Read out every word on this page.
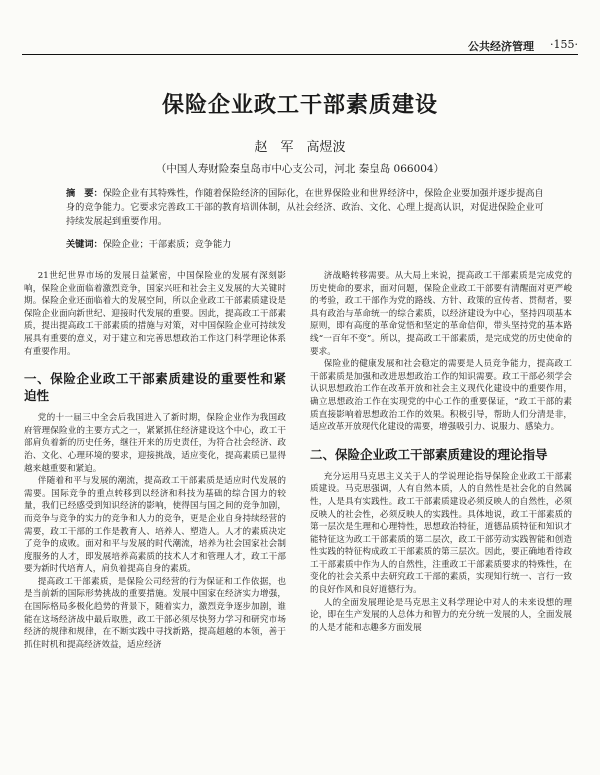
公共经济管理 ·155·
保险企业政工干部素质建设
赵　军　高煜波
（中国人寿财险秦皇岛市中心支公司，河北 秦皇岛 066004）
摘　要：保险企业有其特殊性，作随着保险经济的国际化，在世界保险业和世界经济中，保险企业要加强并逐步提高自身的竞争能力。它要求完善政工干部的教育培训体制，从社会经济、政治、文化、心理上提高认识，对促进保险企业可持续发展起到重要作用。
关键词：保险企业；干部素质；竞争能力

21世纪世界市场的发展日益紧密，中国保险业的发展有深刻影响，保险企业面临着激烈竞争，国家兴旺和社会主义发展的大关键时期。保险企业还面临着大的发展空间，所以企业政工干部素质建设是保险企业面向新世纪、迎接时代发展的重要。因此，提高政工干部素质，提出提高政工干部素质的措施与对策，对中国保险企业可持续发展具有重要的意义，对于建立和完善思想政治工作这门科学理论体系有重要作用。

一、保险企业政工干部素质建设的重要性和紧迫性

党的十一届三中全会后我国进入了新时期，保险企业作为我国政府管理保险业的主要方式之一，紧紧抓住经济建设这个中心，政工干部肩负着新的历史任务，继往开来的历史责任，为符合社会经济、政治、文化、心理环境的要求，迎接挑战，适应变化，提高素质已显得越来越重要和紧迫。

伴随着和平与发展的潮流，提高政工干部素质是适应时代发展的需要。国际竞争的重点转移到以经济和科技为基础的综合国力的较量，我们已经感受到知识经济的影响，使得国与国之间的竞争加剧，而竞争与竞争的实力的竞争和人力的竞争，更是企业自身持续经营的需要，政工干部的工作是教育人、培养人、塑造人。人才的素质决定了竞争的成败。面对和平与发展的时代潮流，培养为社会国家社会制度服务的人才，即发展培养高素质的技术人才和管理人才，政工干部要为新时代培育人，肩负着提高自身的素质。

提高政工干部素质，是保险公司经营的行为保证和工作依据，也是当前新的国际形势挑战的重要措施。发展中国家在经济实力增强，在国际格局多极化趋势的背景下，随着实力，激烈竞争逐步加剧，谁能在这场经济战中最后取胜，政工干部必须尽快努力学习和研究市场经济的规律和规律，在不断实践中寻找新路，提高超越的本领，善于抓住时机和提高经济效益，适应经济

济战略转移需要。从大局上来说，提高政工干部素质是完成党的历史使命的要求，面对问题，保险企业政工干部要有清醒面对更严峻的考验，政工干部作为党的路线、方针、政策的宣传者、贯彻者，要具有政治与革命统一的综合素质，以经济建设为中心，坚持四项基本原则，即有高度的革命觉悟和坚定的革命信仰，带头坚持党的基本路线“一百年不变”。所以，提高政工干部素质，是完成党的历史使命的要求。

保险业的健康发展和社会稳定的需要是人员竞争能力，提高政工干部素质是加强和改进思想政治工作的知识需要。政工干部必须学会认识思想政治工作在改革开放和社会主义现代化建设中的重要作用，确立思想政治工作在实现党的中心工作的重要保证，“政工干部的素质直接影响着思想政治工作的效果。积极引导，帮助人们分清是非，适应改革开放现代化建设的需要，增强吸引力、说服力、感染力。

二、保险企业政工干部素质建设的理论指导

充分运用马克思主义关于人的学说理论指导保险企业政工干部素质建设。马克思强调，人有自然本质，人的自然性是社会化的自然属性，人是具有实践性。政工干部素质建设必须反映人的自然性，必须反映人的社会性，必须反映人的实践性。具体地说，政工干部素质的第一层次是生理和心理特性，思想政治特征，道德品质特征和知识才能特征这为政工干部素质的第二层次，政工干部劳动实践智能和创造性实践的特征构成政工干部素质的第三层次。因此，要正确地看待政工干部素质中作为人的自然性，注重政工干部素质要求的特殊性，在变化的社会关系中去研究政工干部的素质，实现知行统一、言行一致的良好作风和良好道德行为。

人的全面发展理论是马克思主义科学理论中对人的未来设想的理论，即在生产发展的人总体力和智力的充分统一发展的人，全面发展的人是才能和志趣多方面发展
